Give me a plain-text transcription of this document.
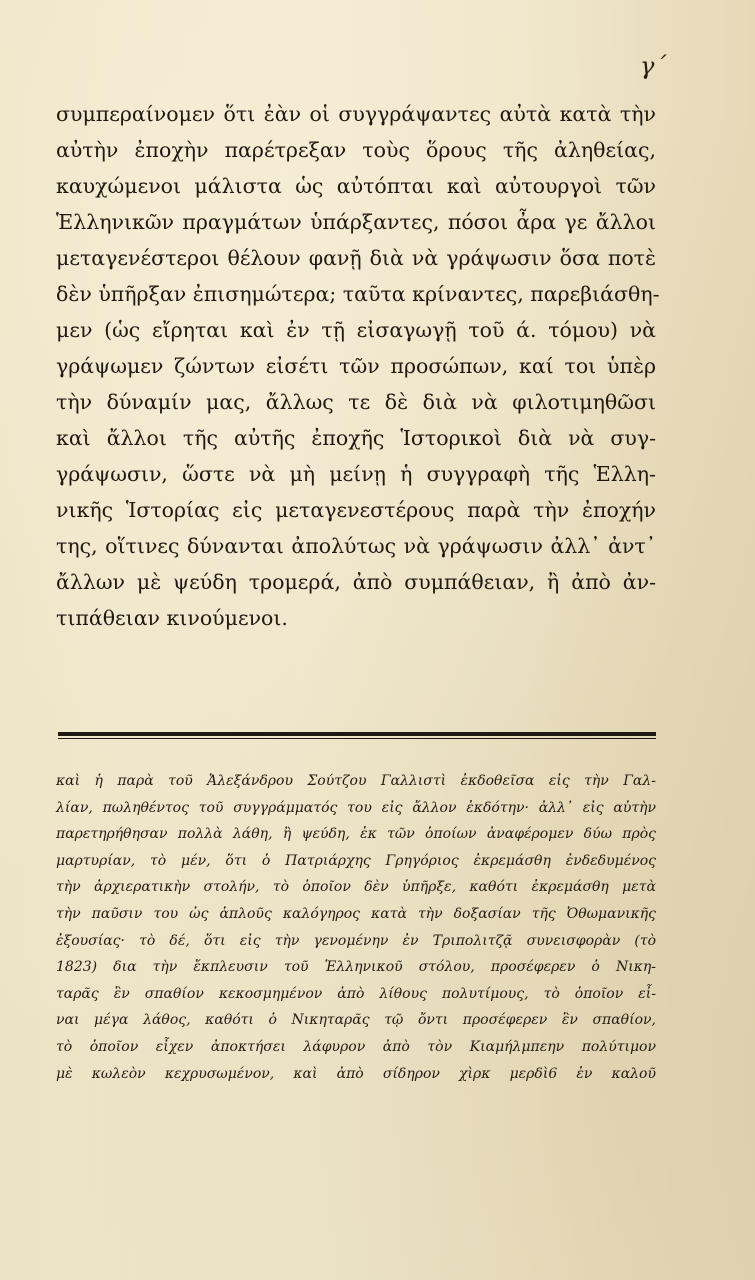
γ΄
συμπεραίνομεν ὅτι ἐὰν οἱ συγγράψαντες αὐτὰ κατὰ τὴν
αὐτὴν ἐποχὴν παρέτρεξαν τοὺς ὅρους τῆς ἀληθείας,
καυχώμενοι μάλιστα ὡς αὐτόπται καὶ αὐτουργοὶ τῶν
Ἑλληνικῶν πραγμάτων ὑπάρξαντες, πόσοι ἆρα γε ἄλλοι
μεταγενέστεροι θέλουν φανῇ διὰ νὰ γράψωσιν ὅσα ποτὲ
δὲν ὑπῆρξαν ἐπισημώτερα; ταῦτα κρίναντες, παρεβιάσθη-
μεν (ὡς εἴρηται καὶ ἐν τῇ εἰσαγωγῇ τοῦ ά. τόμου) νὰ
γράψωμεν ζώντων εἰσέτι τῶν προσώπων, καί τοι ὑπὲρ
τὴν δύναμίν μας, ἄλλως τε δὲ διὰ νὰ φιλοτιμηθῶσι
καὶ ἄλλοι τῆς αὐτῆς ἐποχῆς Ἱστορικοὶ διὰ νὰ συγ-
γράψωσιν, ὥστε νὰ μὴ μείνῃ ἡ συγγραφὴ τῆς Ἑλλη-
νικῆς Ἱστορίας εἰς μεταγενεστέρους παρὰ τὴν ἐποχήν
της, οἵτινες δύνανται ἀπολύτως νὰ γράψωσιν ἀλλ᾽ ἀντ᾽
ἄλλων μὲ ψεύδη τρομερά, ἀπὸ συμπάθειαν, ἢ ἀπὸ ἀν-
τιπάθειαν κινούμενοι.
καὶ ἡ παρὰ τοῦ Ἀλεξάνδρου Σούτζου Γαλλιστὶ ἐκδοθεῖσα εἰς τὴν Γαλ-
λίαν, πωληθέντος τοῦ συγγράμματός του εἰς ἄλλον ἐκδότην· ἀλλ᾽ εἰς αὐτὴν
παρετηρήθησαν πολλὰ λάθη, ἢ ψεύδη, ἐκ τῶν ὁποίων ἀναφέρομεν δύω πρὸς
μαρτυρίαν, τὸ μέν, ὅτι ὁ Πατριάρχης Γρηγόριος ἐκρεμάσθη ἐνδεδυμένος
τὴν ἀρχιερατικὴν στολήν, τὸ ὁποῖον δὲν ὑπῆρξε, καθότι ἐκρεμάσθη μετὰ
τὴν παῦσιν του ὡς ἁπλοῦς καλόγηρος κατὰ τὴν δοξασίαν τῆς Ὀθωμανικῆς
ἐξουσίας· τὸ δέ, ὅτι εἰς τὴν γενομένην ἐν Τριπολιτζᾷ συνεισφορὰν (τὸ
1823) δια τὴν ἔκπλευσιν τοῦ Ἑλληνικοῦ στόλου, προσέφερεν ὁ Νικη-
ταρᾶς ἓν σπαθίον κεκοσμημένον ἀπὸ λίθους πολυτίμους, τὸ ὁποῖον εἶ-
ναι μέγα λάθος, καθότι ὁ Νικηταρᾶς τῷ ὄντι προσέφερεν ἓν σπαθίον,
τὸ ὁποῖον εἶχεν ἀποκτήσει λάφυρον ἀπὸ τὸν Κιαμήλμπεην πολύτιμον
μὲ κωλεὸν κεχρυσωμένον, καὶ ἀπὸ σίδηρον χὶρκ μερδὶ6 ἐν καλοῦ
